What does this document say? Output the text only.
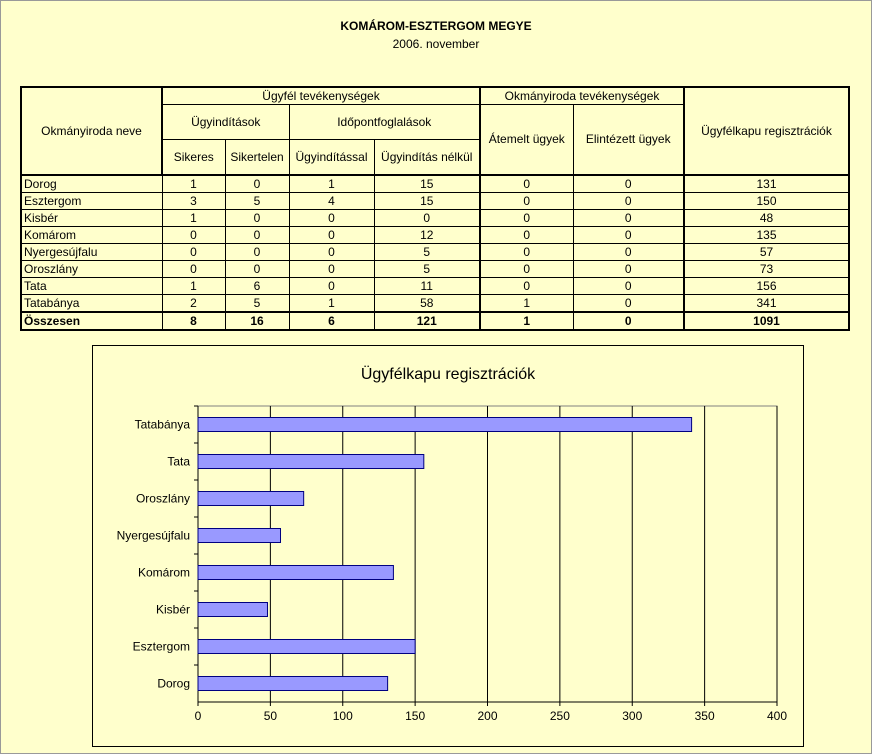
KOMÁROM-ESZTERGOM MEGYE
2006. november
Okmányiroda neve	Ügyfél tevékenységek				Okmányiroda tevékenységek		Ügyfélkapu regisztrációk
	Ügyindítások		Időpontfoglalások		Átemelt ügyek	Elintézett ügyek	
	Sikeres	Sikertelen	Ügyindítással	Ügyindítás nélkül			
Dorog	1	0	1	15	0	0	131
Esztergom	3	5	4	15	0	0	150
Kisbér	1	0	0	0	0	0	48
Komárom	0	0	0	12	0	0	135
Nyergesújfalu	0	0	0	5	0	0	57
Oroszlány	0	0	0	5	0	0	73
Tata	1	6	0	11	0	0	156
Tatabánya	2	5	1	58	1	0	341
Összesen	8	16	6	121	1	0	1091
Ügyfélkapu regisztrációk
0	50	100	150	200	250	300	350	400
Tatabánya
Tata
Oroszlány
Nyergesújfalu
Komárom
Kisbér
Esztergom
Dorog
